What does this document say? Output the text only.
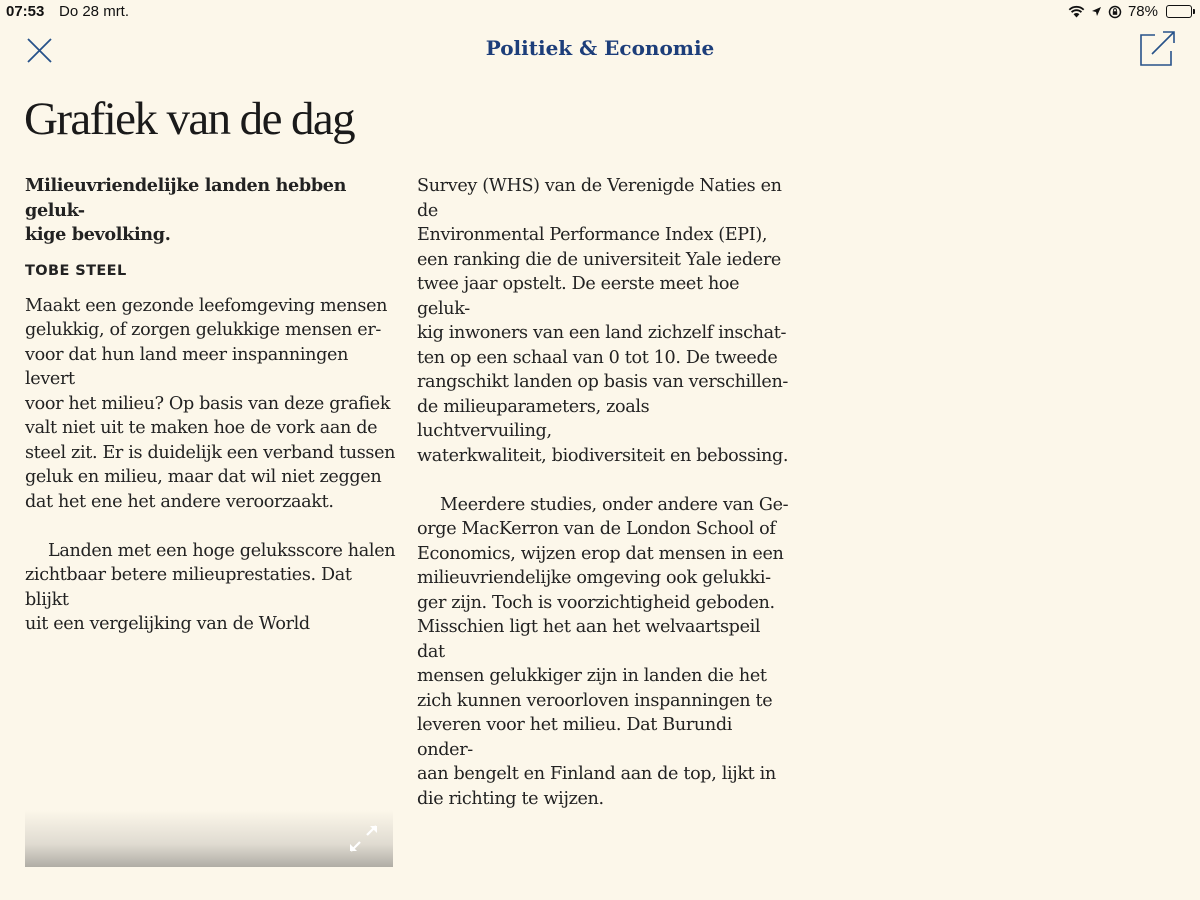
07:53 Do 28 mrt.	78%
Politiek & Economie
Grafiek van de dag

Milieuvriendelijke landen hebben geluk-

kige bevolking.

TOBE STEEL

Maakt een gezonde leefomgeving mensen

gelukkig, of zorgen gelukkige mensen er-

voor dat hun land meer inspanningen levert

voor het milieu? Op basis van deze grafiek

valt niet uit te maken hoe de vork aan de

steel zit. Er is duidelijk een verband tussen

geluk en milieu, maar dat wil niet zeggen

dat het ene het andere veroorzaakt.

Landen met een hoge geluksscore halen

zichtbaar betere milieuprestaties. Dat blijkt

uit een vergelijking van de World

Survey (WHS) van de Verenigde Naties en de

Environmental Performance Index (EPI),

een ranking die de universiteit Yale iedere

twee jaar opstelt. De eerste meet hoe geluk-

kig inwoners van een land zichzelf inschat-

ten op een schaal van 0 tot 10. De tweede

rangschikt landen op basis van verschillen-

de milieuparameters, zoals luchtvervuiling,

waterkwaliteit, biodiversiteit en bebossing.

Meerdere studies, onder andere van Ge-

orge MacKerron van de London School of

Economics, wijzen erop dat mensen in een

milieuvriendelijke omgeving ook gelukki-

ger zijn. Toch is voorzichtigheid geboden.

Misschien ligt het aan het welvaartspeil dat

mensen gelukkiger zijn in landen die het

zich kunnen veroorloven inspanningen te

leveren voor het milieu. Dat Burundi onder-

aan bengelt en Finland aan de top, lijkt in

die richting te wijzen.
